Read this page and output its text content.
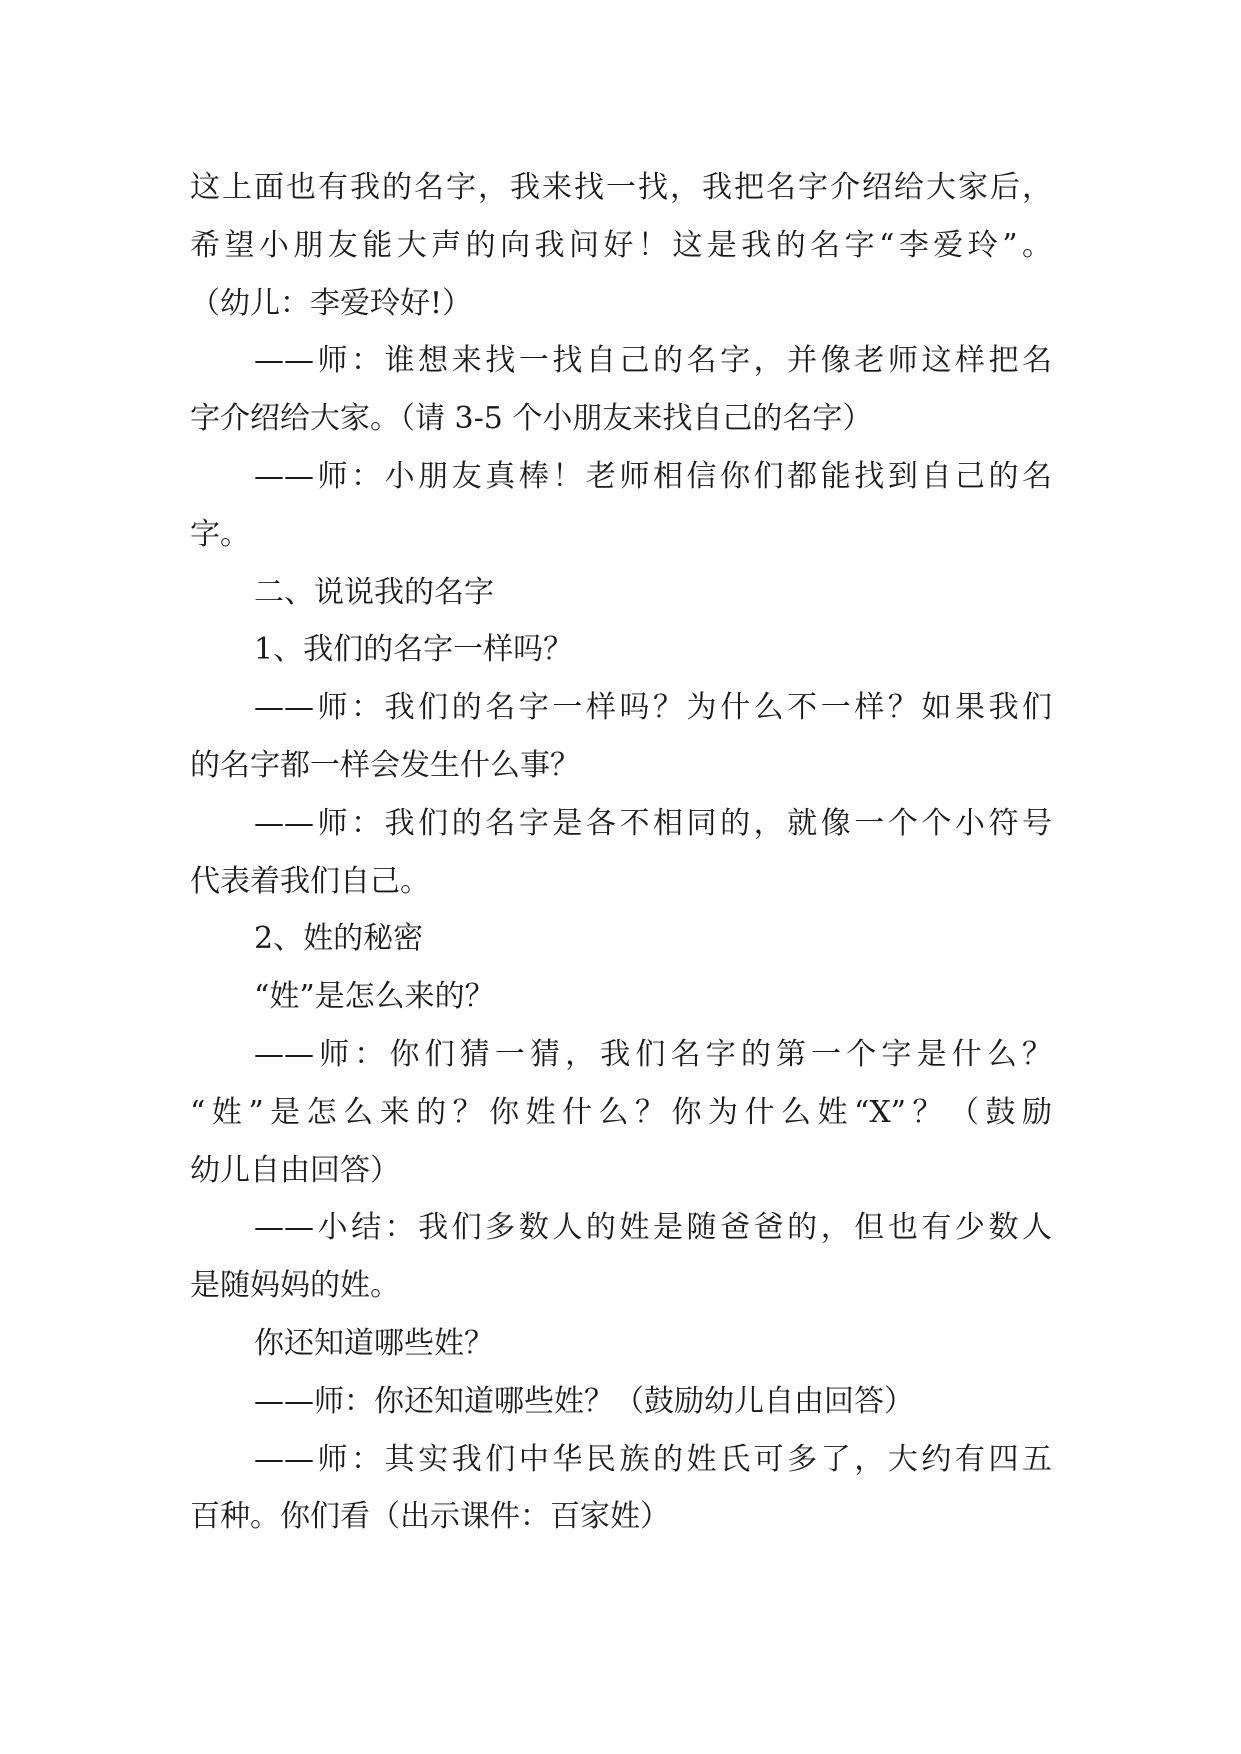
这上面也有我的名字，我来找一找，我把名字介绍给大家后，
希望小朋友能大声的向我问好！这是我的名字“李爱玲”。
（幼儿：李爱玲好!）
——师：谁想来找一找自己的名字，并像老师这样把名
字介绍给大家。（请 3-5 个小朋友来找自己的名字）
——师：小朋友真棒！老师相信你们都能找到自己的名
字。
二、说说我的名字
1、我们的名字一样吗？
——师：我们的名字一样吗？为什么不一样？如果我们
的名字都一样会发生什么事？
——师：我们的名字是各不相同的，就像一个个小符号
代表着我们自己。
2、姓的秘密
“姓”是怎么来的？
——师：你们猜一猜，我们名字的第一个字是什么？
“姓”是怎么来的？你姓什么？你为什么姓“X”？（鼓励
幼儿自由回答）
——小结：我们多数人的姓是随爸爸的，但也有少数人
是随妈妈的姓。
你还知道哪些姓？
——师：你还知道哪些姓？（鼓励幼儿自由回答）
——师：其实我们中华民族的姓氏可多了，大约有四五
百种。你们看（出示课件：百家姓）
